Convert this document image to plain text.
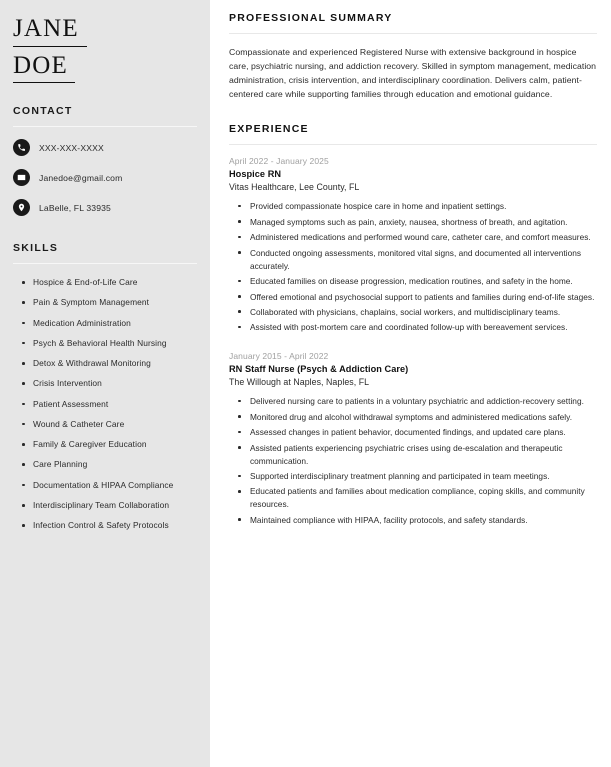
JANE
DOE
CONTACT
XXX-XXX-XXXX
Janedoe@gmail.com
LaBelle, FL 33935
SKILLS
Hospice & End-of-Life Care
Pain & Symptom Management
Medication Administration
Psych & Behavioral Health Nursing
Detox & Withdrawal Monitoring
Crisis Intervention
Patient Assessment
Wound & Catheter Care
Family & Caregiver Education
Care Planning
Documentation & HIPAA Compliance
Interdisciplinary Team Collaboration
Infection Control & Safety Protocols
PROFESSIONAL SUMMARY

Compassionate and experienced Registered Nurse with extensive background in hospice care, psychiatric nursing, and addiction recovery. Skilled in symptom management, medication administration, crisis intervention, and interdisciplinary coordination. Delivers calm, patient-centered care while supporting families through education and emotional guidance.

EXPERIENCE
April 2022 - January 2025
Hospice RN
Vitas Healthcare, Lee County, FL
Provided compassionate hospice care in home and inpatient settings.
Managed symptoms such as pain, anxiety, nausea, shortness of breath, and agitation.
Administered medications and performed wound care, catheter care, and comfort measures.
Conducted ongoing assessments, monitored vital signs, and documented all interventions accurately.
Educated families on disease progression, medication routines, and safety in the home.
Offered emotional and psychosocial support to patients and families during end-of-life stages.
Collaborated with physicians, chaplains, social workers, and multidisciplinary teams.
Assisted with post-mortem care and coordinated follow-up with bereavement services.
January 2015 - April 2022
RN Staff Nurse (Psych & Addiction Care)
The Willough at Naples, Naples, FL
Delivered nursing care to patients in a voluntary psychiatric and addiction-recovery setting.
Monitored drug and alcohol withdrawal symptoms and administered medications safely.
Assessed changes in patient behavior, documented findings, and updated care plans.
Assisted patients experiencing psychiatric crises using de-escalation and therapeutic communication.
Supported interdisciplinary treatment planning and participated in team meetings.
Educated patients and families about medication compliance, coping skills, and community resources.
Maintained compliance with HIPAA, facility protocols, and safety standards.
